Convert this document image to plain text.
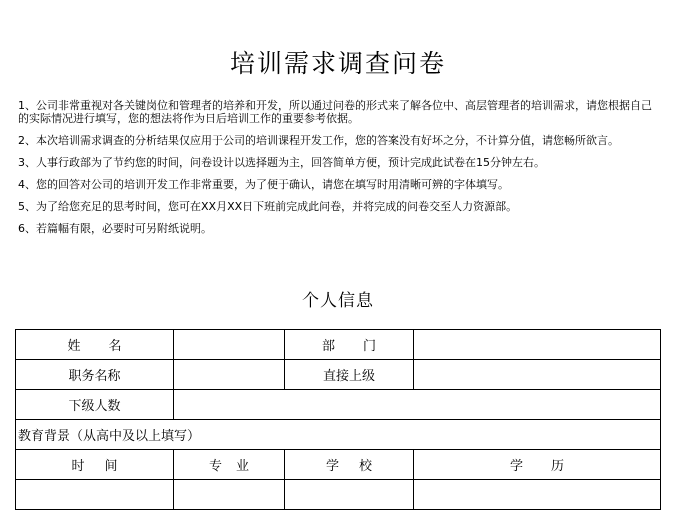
培训需求调查问卷

1、公司非常重视对各关键岗位和管理者的培养和开发，所以通过问卷的形式来了解各位中、高层管理者的培训需求，请您根据自己的实际情况进行填写，您的想法将作为日后培训工作的重要参考依据。

2、本次培训需求调查的分析结果仅应用于公司的培训课程开发工作，您的答案没有好坏之分，不计算分值，请您畅所欲言。

3、人事行政部为了节约您的时间，问卷设计以选择题为主，回答简单方便，预计完成此试卷在15分钟左右。

4、您的回答对公司的培训开发工作非常重要，为了便于确认，请您在填写时用清晰可辨的字体填写。

5、为了给您充足的思考时间，您可在XX月XX日下班前完成此问卷，并将完成的问卷交至人力资源部。

6、若篇幅有限，必要时可另附纸说明。

个人信息
姓名		部门	
职务名称		直接上级	
下级人数			
教育背景（从高中及以上填写）			
时间	专业	学校	学历
